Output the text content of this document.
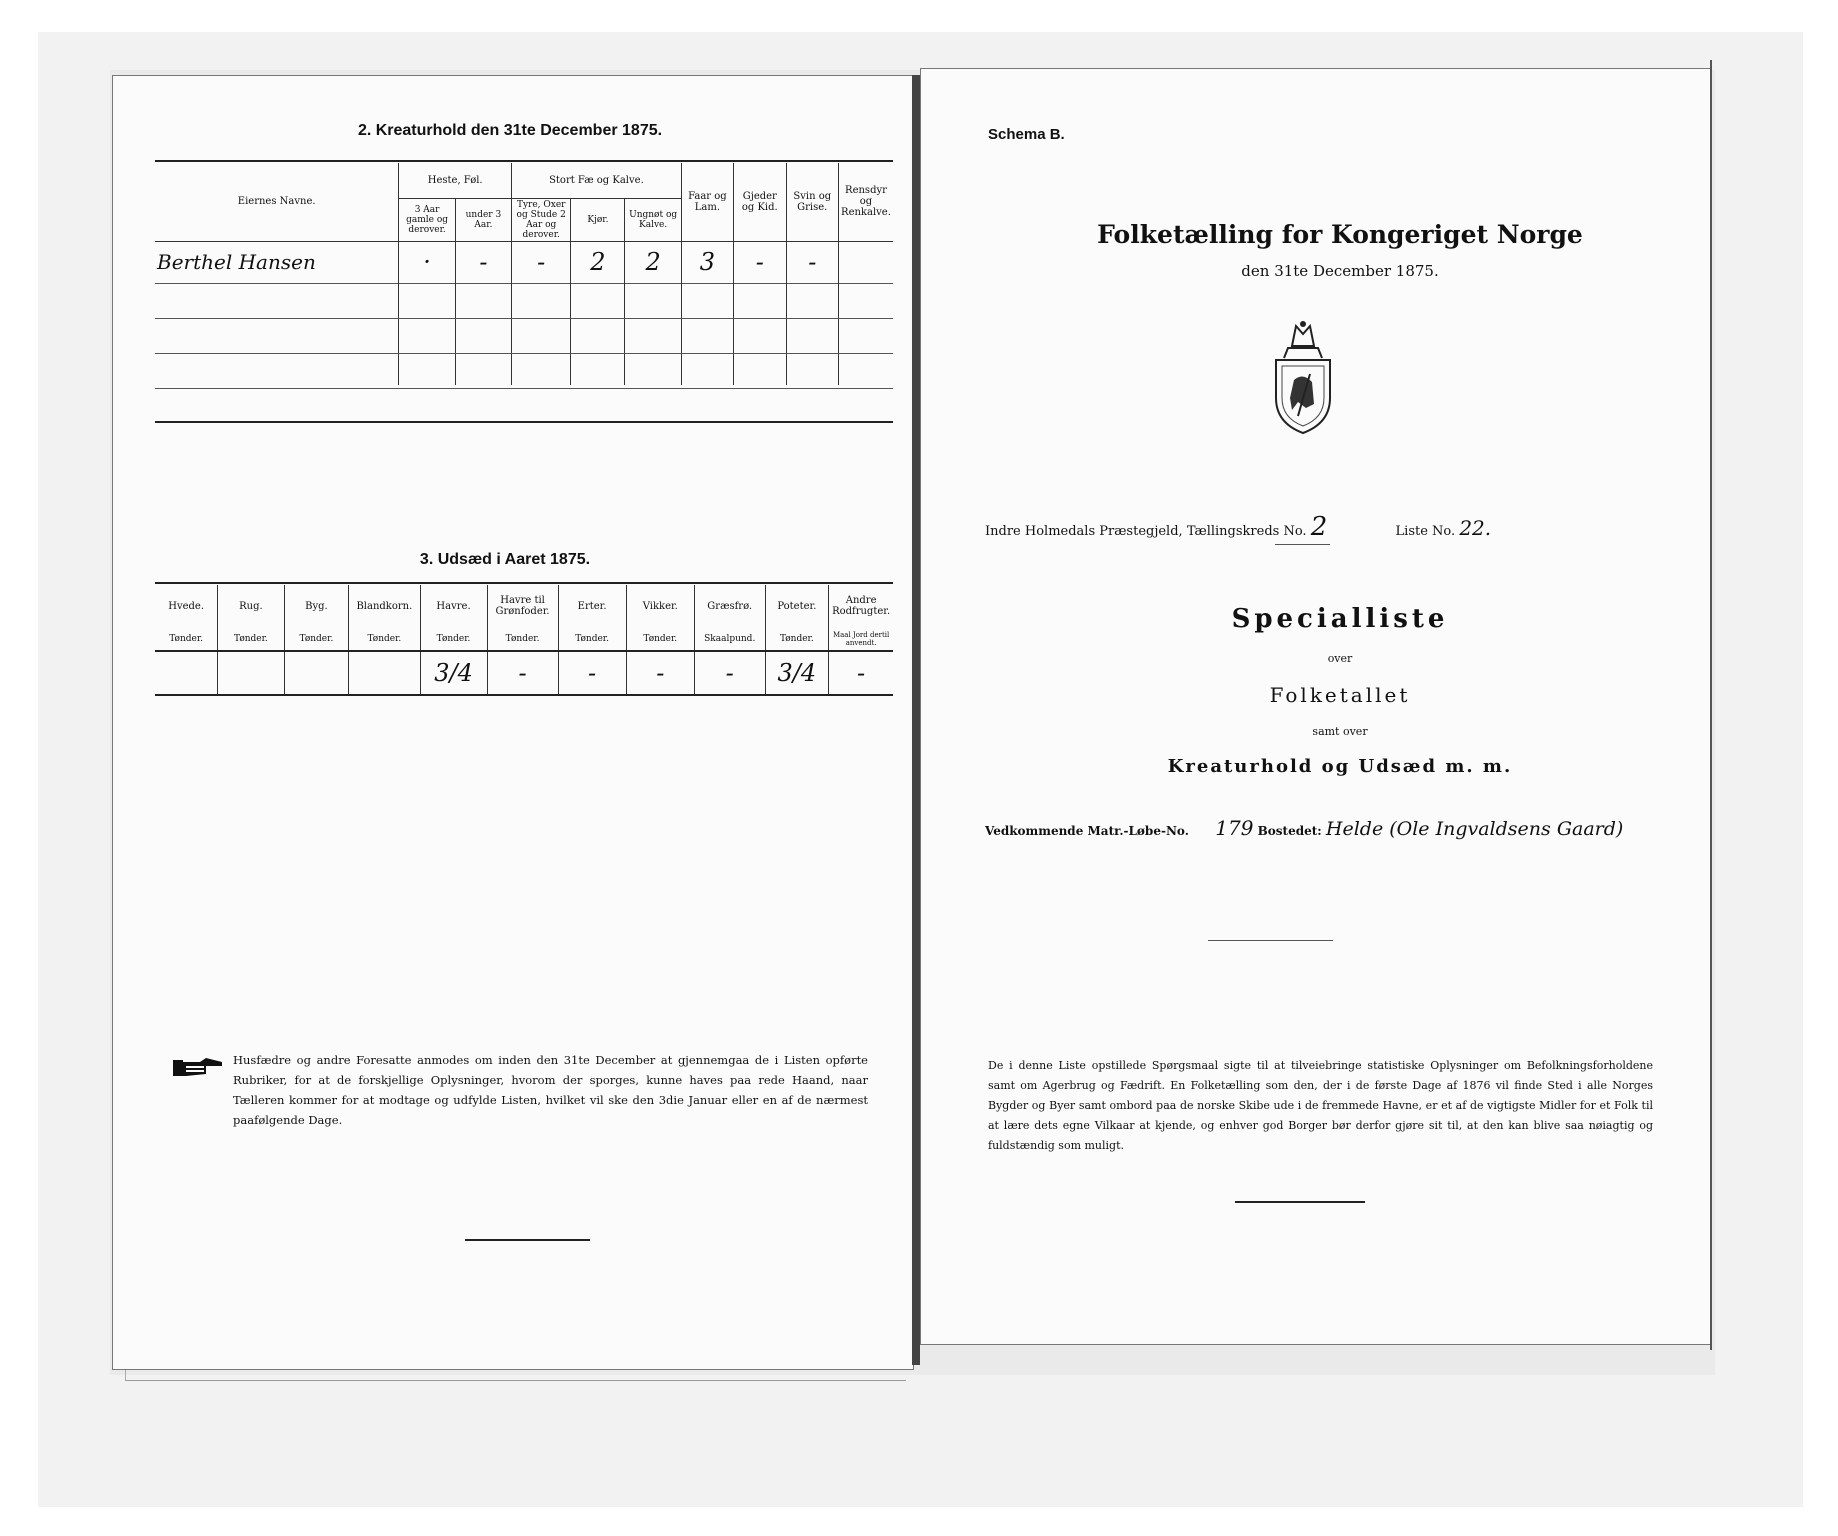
2. Kreaturhold den 31te December 1875.
Eiernes Navne.	Heste, Føl.		Stort Fæ og Kalve.			Faar og Lam.	Gjeder og Kid.	Svin og Grise.	Rensdyr og Renkalve.
	3 Aar gamle og derover.	under 3 Aar.	Tyre, Oxer og Stude 2 Aar og derover.	Kjør.	Ungnøt og Kalve.				
Berthel Hansen	·	-	-	2	2	3	-	-	

3. Udsæd i Aaret 1875.
Hvede.	Rug.	Byg.	Blandkorn.	Havre.	Havre til Grønfoder.	Erter.	Vikker.	Græsfrø.	Poteter.	Andre Rodfrugter.
Tønder.	Tønder.	Tønder.	Tønder.	Tønder.	Tønder.	Tønder.	Tønder.	Skaalpund.	Tønder.	Maal Jord dertil anvendt.
				3/4	-	-	-	-	3/4	-
Husfædre og andre Foresatte anmodes om inden den 31te December at gjennemgaa de i Listen opførte Rubriker, for at de forskjellige Oplysninger, hvorom der sporges, kunne haves paa rede Haand, naar Tælleren kommer for at modtage og udfylde Listen, hvilket vil ske den 3die Januar eller en af de nærmest paafølgende Dage.
Schema B.
Folketælling for Kongeriget Norge
den 31te December 1875.
Indre Holmedals Præstegjeld, Tællingskreds No. 2	Liste No. 22.
Specialliste
over
Folketallet
samt over
Kreaturhold og Udsæd m. m.
Vedkommende Matr.-Løbe-No. 179 Bostedet: Helde (Ole Ingvaldsens Gaard)
De i denne Liste opstillede Spørgsmaal sigte til at tilveiebringe statistiske Oplysninger om Befolkningsforholdene samt om Agerbrug og Fædrift. En Folketælling som den, der i de første Dage af 1876 vil finde Sted i alle Norges Bygder og Byer samt ombord paa de norske Skibe ude i de fremmede Havne, er et af de vigtigste Midler for et Folk til at lære dets egne Vilkaar at kjende, og enhver god Borger bør derfor gjøre sit til, at den kan blive saa nøiagtig og fuldstændig som muligt.
